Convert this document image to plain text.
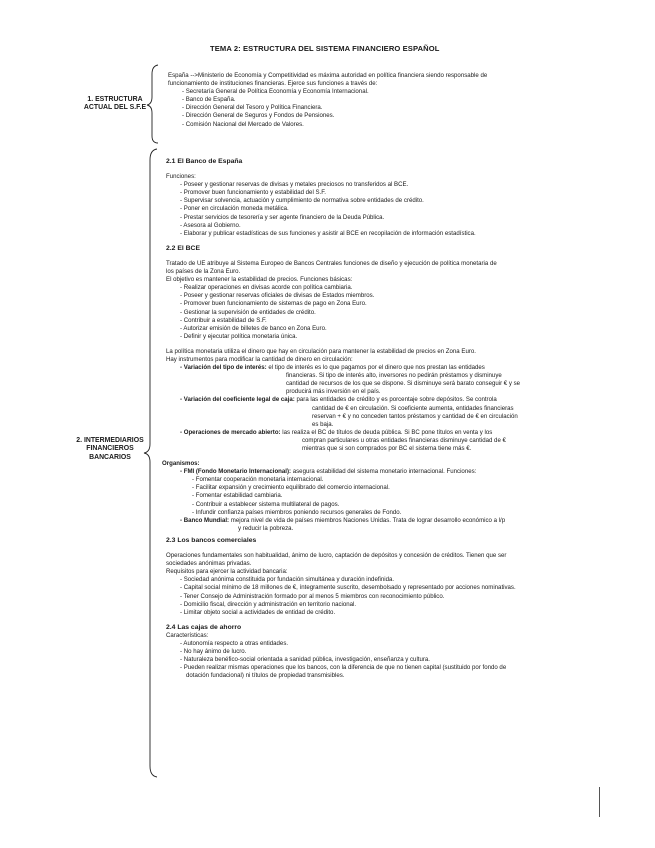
TEMA 2: ESTRUCTURA DEL SISTEMA FINANCIERO ESPAÑOL
1. ESTRUCTURA
ACTUAL DEL S.F.E
España -->Ministerio de Economía y Competitividad es máxima autoridad en política financiera siendo responsable de
funcionamiento de instituciones financieras. Ejerce sus funciones a través de:
- Secretaría General de Política Economía y Economía Internacional.
- Banco de España.
- Dirección General del Tesoro y Política Financiera.
- Dirección General de Seguros y Fondos de Pensiones.
- Comisión Nacional del Mercado de Valores.
2. INTERMEDIARIOS
FINANCIEROS
BANCARIOS
2.1 El Banco de España
Funciones:
- Poseer y gestionar reservas de divisas y metales preciosos no transferidos al BCE.
- Promover buen funcionamiento y estabilidad del S.F.
- Supervisar solvencia, actuación y cumplimiento de normativa sobre entidades de crédito.
- Poner en circulación moneda metálica.
- Prestar servicios de tesorería y ser agente financiero de la Deuda Pública.
- Asesora al Gobierno.
- Elaborar y publicar estadísticas de sus funciones y asistir al BCE en recopilación de información estadística.
2.2 El BCE
Tratado de UE atribuye al Sistema Europeo de Bancos Centrales funciones de diseño y ejecución de política monetaria de
los países de la Zona Euro.
El objetivo es mantener la estabilidad de precios. Funciones básicas:
- Realizar operaciones en divisas acorde con política cambiaria.
- Poseer y gestionar reservas oficiales de divisas de Estados miembros.
- Promover buen funcionamiento de sistemas de pago en Zona Euro.
- Gestionar la supervisión de entidades de crédito.
- Contribuir a estabilidad de S.F.
- Autorizar emisión de billetes de banco en Zona Euro.
- Definir y ejecutar política monetaria única.
La política monetaria utiliza el dinero que hay en circulación para mantener la estabilidad de precios en Zona Euro.
Hay instrumentos para modificar la cantidad de dinero en circulación:
- Variación del tipo de interés: el tipo de interés es lo que pagamos por el dinero que nos prestan las entidades
financieras. Si tipo de interés alto, inversores no pedirán préstamos y disminuye
cantidad de recursos de los que se dispone. Si disminuye será barato conseguir € y se
producirá más inversión en el país.
- Variación del coeficiente legal de caja: para las entidades de crédito y es porcentaje sobre depósitos. Se controla
cantidad de € en circulación. Si coeficiente aumenta, entidades financieras
reservan + € y no conceden tantos préstamos y cantidad de € en circulación
es baja.
- Operaciones de mercado abierto: las realiza el BC de títulos de deuda pública. Si BC pone títulos en venta y los
compran particulares u otras entidades financieras disminuye cantidad de €
mientras que si son comprados por BC el sistema tiene más €.
Organismos:
- FMI (Fondo Monetario Internacional): asegura estabilidad del sistema monetario internacional. Funciones:
- Fomentar cooperación monetaria internacional.
- Facilitar expansión y crecimiento equilibrado del comercio internacional.
- Fomentar estabilidad cambiaria.
- Contribuir a establecer sistema multilateral de pagos.
- Infundir confianza países miembros poniendo recursos generales de Fondo.
- Banco Mundial: mejora nivel de vida de países miembros Naciones Unidas. Trata de lograr desarrollo económico a l/p
y reducir la pobreza.
2.3 Los bancos comerciales
Operaciones fundamentales son habitualidad, ánimo de lucro, captación de depósitos y concesión de créditos. Tienen que ser
sociedades anónimas privadas.
Requisitos para ejercer la actividad bancaria:
- Sociedad anónima constituida por fundación simultánea y duración indefinida.
- Capital social mínimo de 18 millones de €, íntegramente suscrito, desembolsado y representado por acciones nominativas.
- Tener Consejo de Administración formado por al menos 5 miembros con reconocimiento público.
- Domicilio fiscal, dirección y administración en territorio nacional.
- Limitar objeto social a actividades de entidad de crédito.
2.4 Las cajas de ahorro
Características:
- Autonomía respecto a otras entidades.
- No hay ánimo de lucro.
- Naturaleza benéfico-social orientada a sanidad pública, investigación, enseñanza y cultura.
- Pueden realizar mismas operaciones que los bancos, con la diferencia de que no tienen capital (sustituido por fondo de
dotación fundacional) ni títulos de propiedad transmisibles.
